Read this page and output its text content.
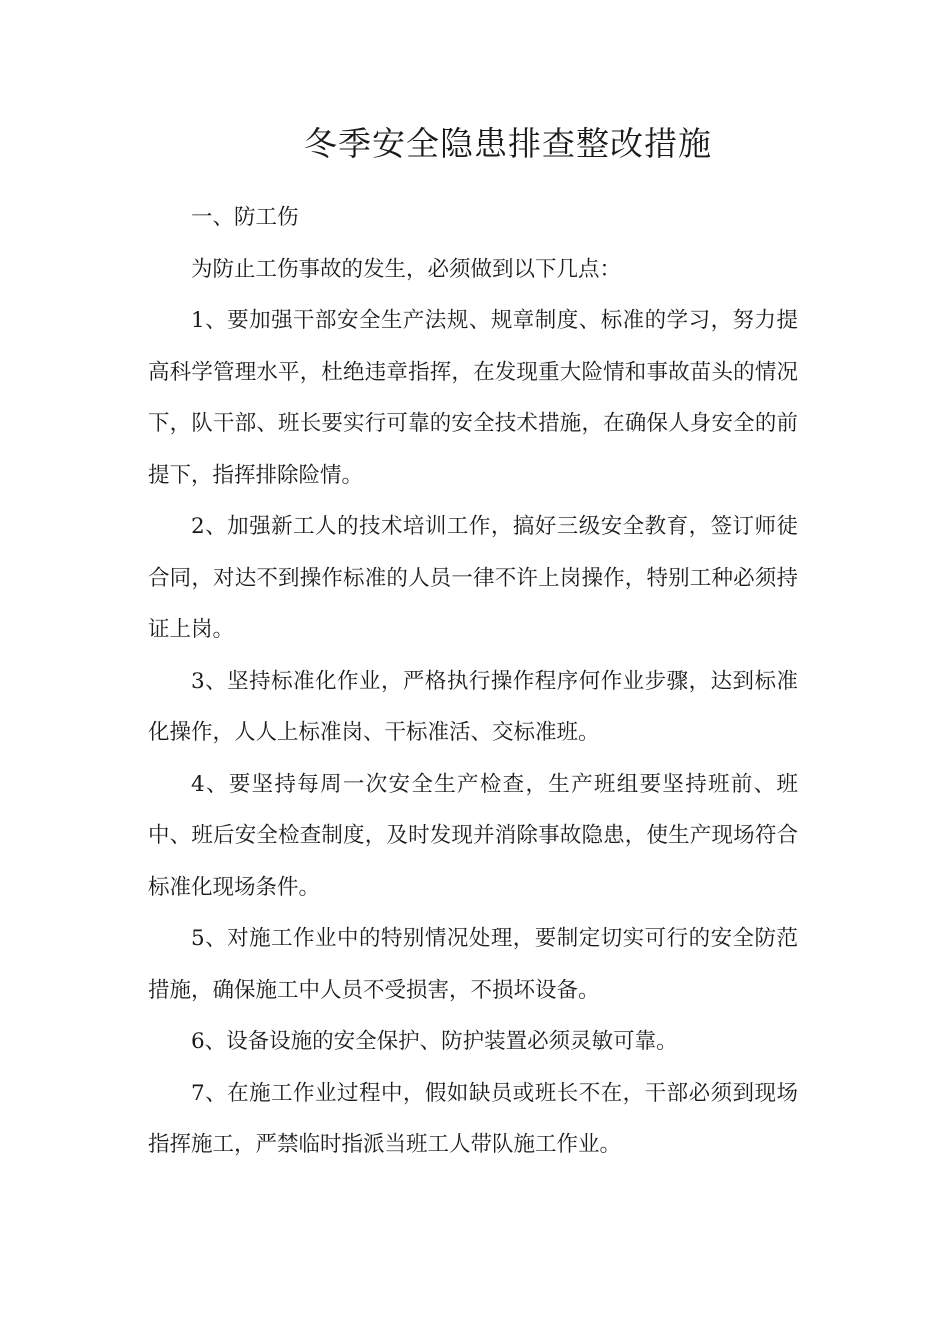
冬季安全隐患排查整改措施

一、防工伤

为防止工伤事故的发生，必须做到以下几点：

1、要加强干部安全生产法规、规章制度、标准的学习，努力提高科学管理水平，杜绝违章指挥，在发现重大险情和事故苗头的情况下，队干部、班长要实行可靠的安全技术措施，在确保人身安全的前提下，指挥排除险情。

2、加强新工人的技术培训工作，搞好三级安全教育，签订师徒合同，对达不到操作标准的人员一律不许上岗操作，特别工种必须持证上岗。

3、坚持标准化作业，严格执行操作程序何作业步骤，达到标准化操作，人人上标准岗、干标准活、交标准班。

4、要坚持每周一次安全生产检查，生产班组要坚持班前、班中、班后安全检查制度，及时发现并消除事故隐患，使生产现场符合标准化现场条件。

5、对施工作业中的特别情况处理，要制定切实可行的安全防范措施，确保施工中人员不受损害，不损坏设备。

6、设备设施的安全保护、防护装置必须灵敏可靠。

7、在施工作业过程中，假如缺员或班长不在，干部必须到现场指挥施工，严禁临时指派当班工人带队施工作业。
